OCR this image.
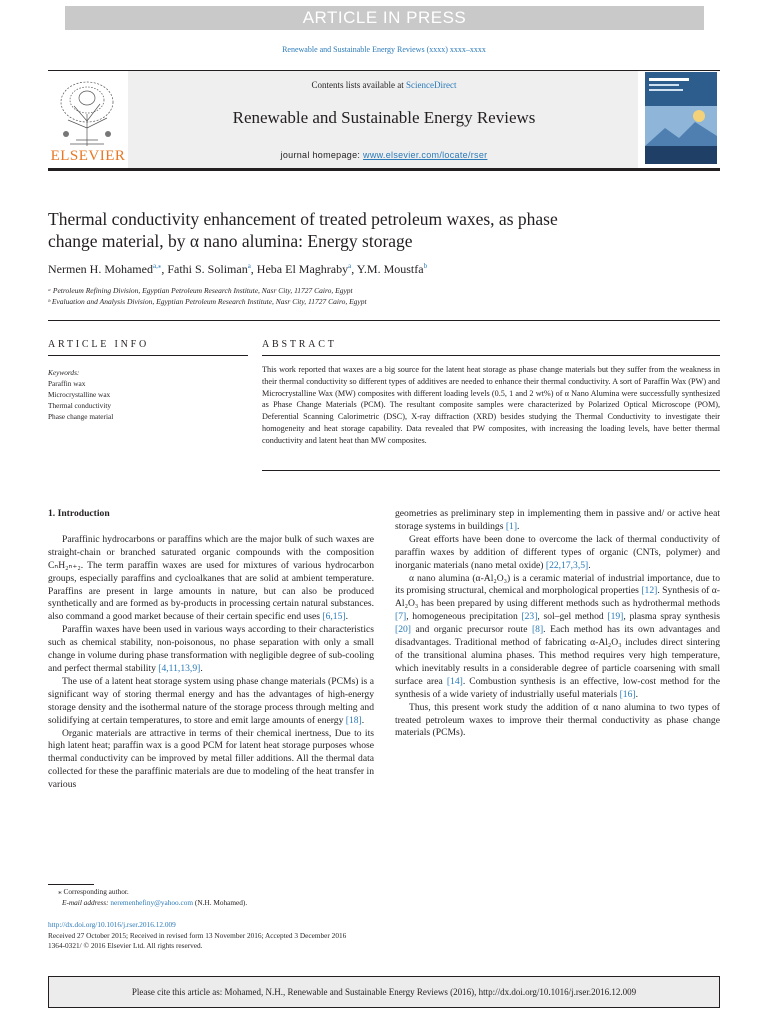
ARTICLE IN PRESS
Renewable and Sustainable Energy Reviews (xxxx) xxxx–xxxx
ELSEVIER
Contents lists available at ScienceDirect
Renewable and Sustainable Energy Reviews
journal homepage: www.elsevier.com/locate/rser
Thermal conductivity enhancement of treated petroleum waxes, as phase
change material, by α nano alumina: Energy storage
Nermen H. Mohamed$^{a,⁎}$, Fathi S. Soliman$^a$, Heba El Maghraby$^a$, Y.M. Moustfa$^b$
ᵃ Petroleum Refining Division, Egyptian Petroleum Research Institute, Nasr City, 11727 Cairo, Egypt
ᵇ Evaluation and Analysis Division, Egyptian Petroleum Research Institute, Nasr City, 11727 Cairo, Egypt
ARTICLE INFO	ABSTRACT
Keywords:
Paraffin wax
Microcrystalline wax
Thermal conductivity
Phase change material
This work reported that waxes are a big source for the latent heat storage as phase change materials but they suffer from the weakness in their thermal conductivity so different types of additives are needed to enhance their thermal conductivity. A sort of Paraffin Wax (PW) and Microcrystalline Wax (MW) composites with different loading levels (0.5, 1 and 2 wt%) of α Nano Alumina were successfully synthesized as Phase Change Materials (PCM). The resultant composite samples were characterized by Polarized Optical Microscope (POM), Deferential Scanning Calorimetric (DSC), X-ray diffraction (XRD) besides studying the Thermal Conductivity to investigate their homogeneity and heat storage capability. Data revealed that PW composites, with increasing the loading levels, have better thermal conductivity and latent heat than MW composites.
1. Introduction

Paraffinic hydrocarbons or paraffins which are the major bulk of such waxes are straight-chain or branched saturated organic compounds with the composition CₙH₂ₙ₊₂. The term paraffin waxes are used for mixtures of various hydrocarbon groups, especially paraffins and cycloalkanes that are solid at ambient temperature. Paraffins are present in large amounts in nature, but can also be produced synthetically and are formed as by-products in processing certain natural substances. also command a good market because of their certain specific end uses [6,15].

Paraffin waxes have been used in various ways according to their characteristics such as chemical stability, non-poisonous, no phase separation with only a small change in volume during phase transformation with negligible degree of sub-cooling and perfect thermal stability [4,11,13,9].

The use of a latent heat storage system using phase change materials (PCMs) is a significant way of storing thermal energy and has the advantages of high-energy storage density and the isothermal nature of the storage process through melting and solidifying at certain temperatures, to store and emit large amounts of energy [18].

Organic materials are attractive in terms of their chemical inertness, Due to its high latent heat; paraffin wax is a good PCM for latent heat storage purposes whose thermal conductivity can be improved by metal filler additions. All the thermal data collected for these the paraffinic materials are due to modeling of the heat transfer in various

geometries as preliminary step in implementing them in passive and/ or active heat storage systems in buildings [1].

Great efforts have been done to overcome the lack of thermal conductivity of paraffin waxes by addition of different types of organic (CNTs, polymer) and inorganic materials (nano metal oxide) [22,17,3,5].

α nano alumina (α-Al₂O₃) is a ceramic material of industrial importance, due to its promising structural, chemical and morphological properties [12]. Synthesis of α-Al₂O₃ has been prepared by using different methods such as hydrothermal methods [7], homogeneous precipitation [23], sol–gel method [19], plasma spray synthesis [20] and organic precursor route [8]. Each method has its own advantages and disadvantages. Traditional method of fabricating α-Al₂O₃ includes direct sintering of the transitional alumina phases. This method requires very high temperature, which inevitably results in a considerable degree of particle coarsening with small surface area [14]. Combustion synthesis is an effective, low-cost method for the synthesis of a wide variety of industrially useful materials [16].

Thus, this present work study the addition of α nano alumina to two types of treated petroleum waxes to improve their thermal conductivity as phase change materials (PCMs).

⁎ Corresponding author.
E-mail address: neremenhefiny@yahoo.com (N.H. Mohamed).
http://dx.doi.org/10.1016/j.rser.2016.12.009
Received 27 October 2015; Received in revised form 13 November 2016; Accepted 3 December 2016
1364-0321/ © 2016 Elsevier Ltd. All rights reserved.
Please cite this article as: Mohamed, N.H., Renewable and Sustainable Energy Reviews (2016), http://dx.doi.org/10.1016/j.rser.2016.12.009
